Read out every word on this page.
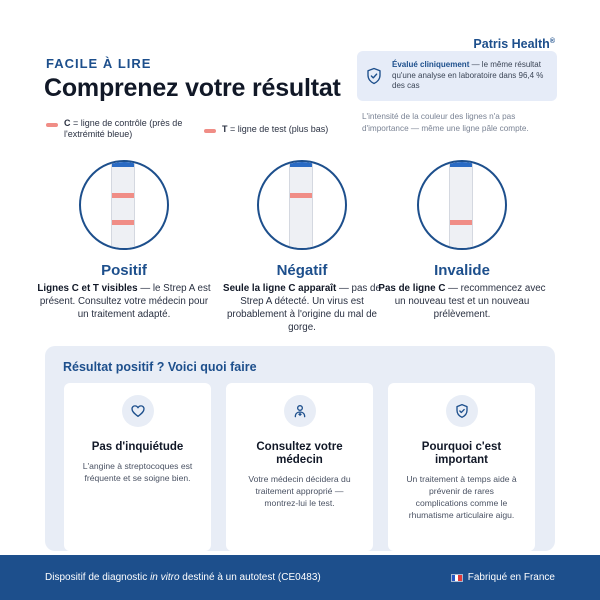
Patris Health®
FACILE À LIRE
Comprenez votre résultat
Évalué cliniquement — le même résultat qu'une analyse en laboratoire dans 96,4 % des cas
L'intensité de la couleur des lignes n'a pas d'importance — même une ligne pâle compte.
C = ligne de contrôle (près de l'extrémité bleue)	T = ligne de test (plus bas)
Positif
Lignes C et T visibles — le Strep A est présent. Consultez votre médecin pour un traitement adapté.
Négatif
Seule la ligne C apparaît — pas de Strep A détecté. Un virus est probablement à l'origine du mal de gorge.
Invalide
Pas de ligne C — recommencez avec un nouveau test et un nouveau prélèvement.
Résultat positif ? Voici quoi faire
Pas d'inquiétude
L'angine à streptocoques est fréquente et se soigne bien.
Consultez votre médecin
Votre médecin décidera du traitement approprié — montrez-lui le test.
Pourquoi c'est important
Un traitement à temps aide à prévenir de rares complications comme le rhumatisme articulaire aigu.
Dispositif de diagnostic in vitro destiné à un autotest (CE0483)	Fabriqué en France
